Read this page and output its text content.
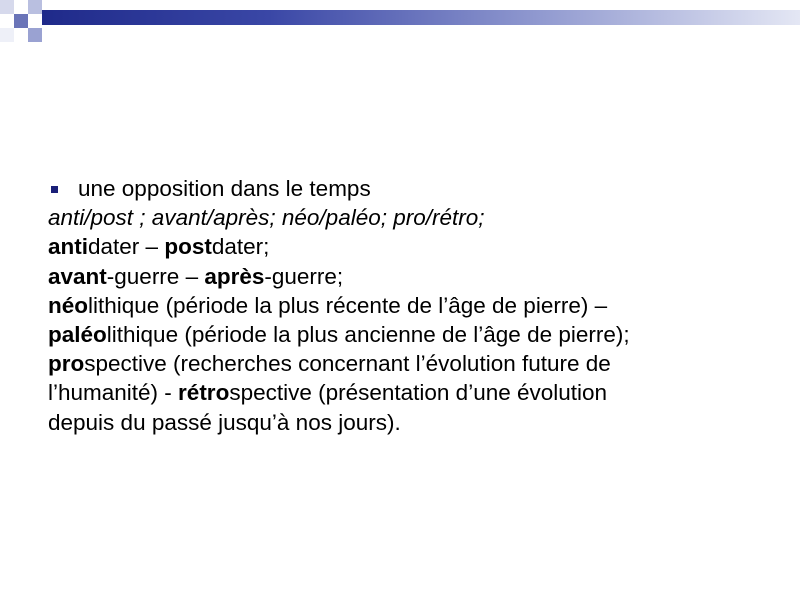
une opposition dans le temps
anti/post ; avant/après; néo/paléo; pro/rétro;
antidater – postdater;
avant-guerre – après-guerre;
néolithique (période la plus récente de l’âge de pierre) –
paléolithique (période la plus ancienne de l’âge de pierre);
prospective (recherches concernant l’évolution future de
l’humanité) - rétrospective (présentation d’une évolution
depuis du passé jusqu’à nos jours).
